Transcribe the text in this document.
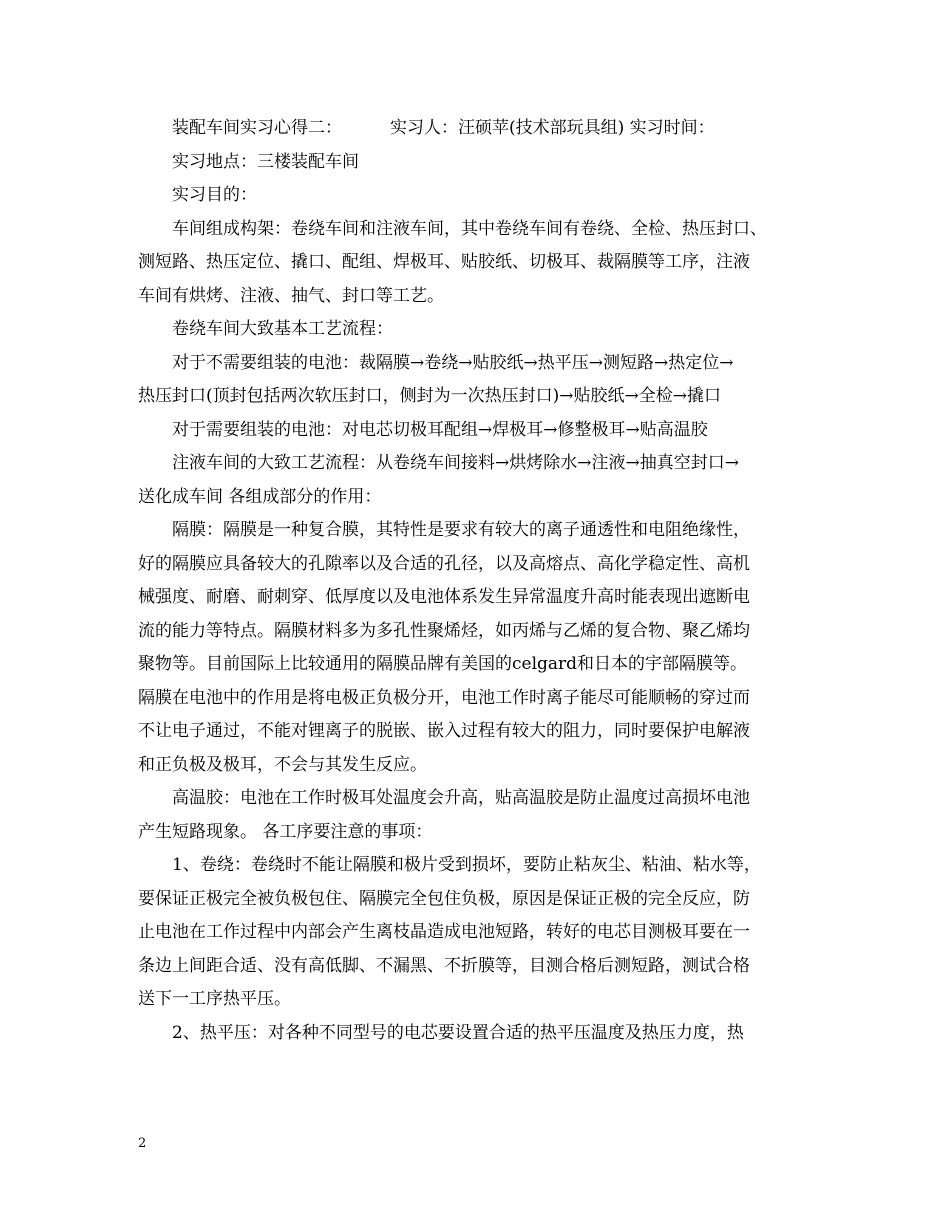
装配车间实习心得二：	实习人：汪硕苹(技术部玩具组) 实习时间：
实习地点：三楼装配车间
实习目的：
车间组成构架：卷绕车间和注液车间，其中卷绕车间有卷绕、全检、热压封口、
测短路、热压定位、撬口、配组、焊极耳、贴胶纸、切极耳、裁隔膜等工序，注液
车间有烘烤、注液、抽气、封口等工艺。
卷绕车间大致基本工艺流程：
对于不需要组装的电池：裁隔膜→卷绕→贴胶纸→热平压→测短路→热定位→
热压封口(顶封包括两次软压封口，侧封为一次热压封口)→贴胶纸→全检→撬口
对于需要组装的电池：对电芯切极耳配组→焊极耳→修整极耳→贴高温胶
注液车间的大致工艺流程：从卷绕车间接料→烘烤除水→注液→抽真空封口→
送化成车间 各组成部分的作用：
隔膜：隔膜是一种复合膜，其特性是要求有较大的离子通透性和电阻绝缘性，
好的隔膜应具备较大的孔隙率以及合适的孔径，以及高熔点、高化学稳定性、高机
械强度、耐磨、耐刺穿、低厚度以及电池体系发生异常温度升高时能表现出遮断电
流的能力等特点。隔膜材料多为多孔性聚烯烃，如丙烯与乙烯的复合物、聚乙烯均
聚物等。目前国际上比较通用的隔膜品牌有美国的celgard和日本的宇部隔膜等。
隔膜在电池中的作用是将电极正负极分开，电池工作时离子能尽可能顺畅的穿过而
不让电子通过，不能对锂离子的脱嵌、嵌入过程有较大的阻力，同时要保护电解液
和正负极及极耳，不会与其发生反应。
高温胶：电池在工作时极耳处温度会升高，贴高温胶是防止温度过高损坏电池
产生短路现象。 各工序要注意的事项：
1、卷绕：卷绕时不能让隔膜和极片受到损坏，要防止粘灰尘、粘油、粘水等，
要保证正极完全被负极包住、隔膜完全包住负极，原因是保证正极的完全反应，防
止电池在工作过程中内部会产生离枝晶造成电池短路，转好的电芯目测极耳要在一
条边上间距合适、没有高低脚、不漏黑、不折膜等，目测合格后测短路，测试合格
送下一工序热平压。
2、热平压：对各种不同型号的电芯要设置合适的热平压温度及热压力度，热
2
